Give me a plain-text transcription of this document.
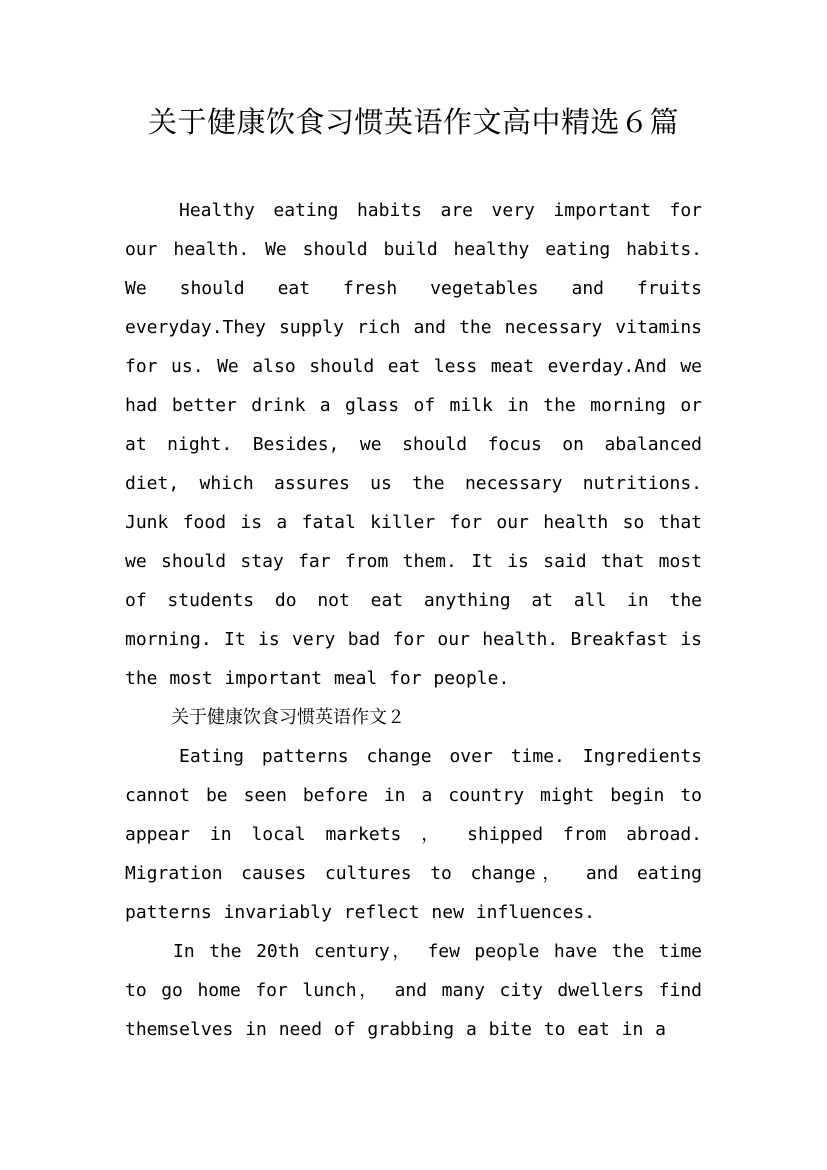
关于健康饮食习惯英语作文高中精选６篇

Healthy eating habits are very important for our health. We should build healthy eating habits. We should eat fresh vegetables and fruits everyday.They supply rich and the necessary vitamins for us. We also should eat less meat everday.And we had better drink a glass of milk in the morning or at night. Besides, we should focus on abalanced diet, which assures us the necessary nutritions. Junk food is a fatal killer for our health so that we should stay far from them. It is said that most of students do not eat anything at all in the morning. It is very bad for our health. Breakfast is the most important meal for people.

关于健康饮食习惯英语作文２

Eating patterns change over time. Ingredients cannot be seen before in a country might begin to appear in local markets ， shipped from abroad. Migration causes cultures to change， and eating patterns invariably reflect new influences.

In the 20th century， few people have the time to go home for lunch， and many city dwellers find themselves in need of grabbing a bite to eat in a
